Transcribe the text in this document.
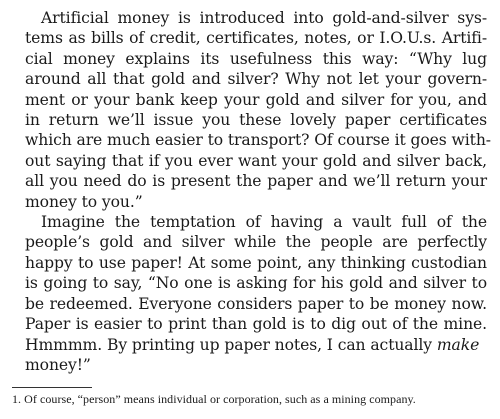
Artificial money is introduced into gold-and-silver sys-
tems as bills of credit, certificates, notes, or I.O.U.s. Artifi-
cial money explains its usefulness this way: “Why lug
around all that gold and silver? Why not let your govern-
ment or your bank keep your gold and silver for you, and
in return we’ll issue you these lovely paper certificates
which are much easier to transport? Of course it goes with-
out saying that if you ever want your gold and silver back,
all you need do is present the paper and we’ll return your
money to you.”
Imagine the temptation of having a vault full of the
people’s gold and silver while the people are perfectly
happy to use paper! At some point, any thinking custodian
is going to say, “No one is asking for his gold and silver to
be redeemed. Everyone considers paper to be money now.
Paper is easier to print than gold is to dig out of the mine.
Hmmmm. By printing up paper notes, I can actually make
money!”
1. Of course, “person” means individual or corporation, such as a mining company.
